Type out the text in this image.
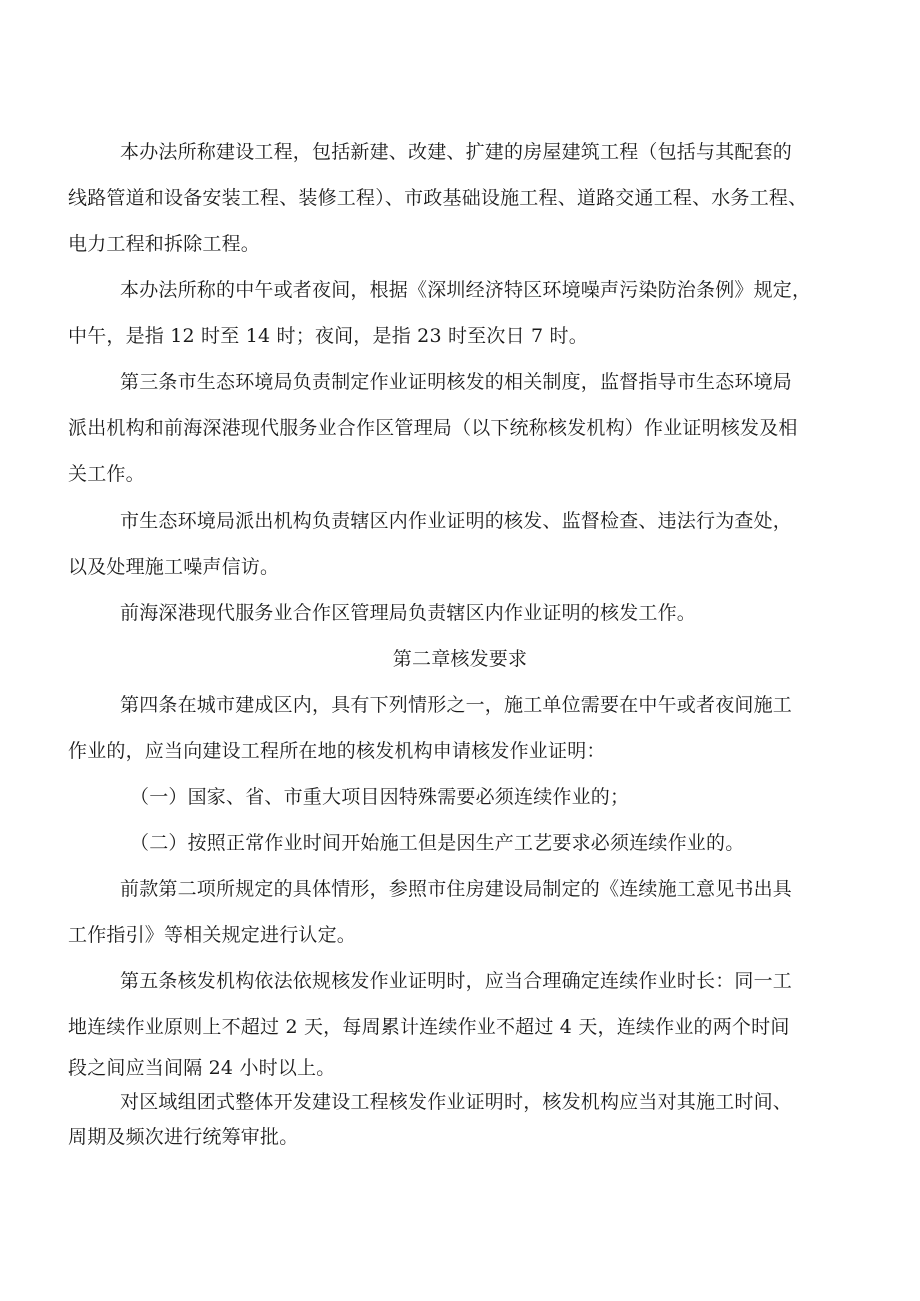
本办法所称建设工程，包括新建、改建、扩建的房屋建筑工程（包括与其配套的

线路管道和设备安装工程、装修工程）、市政基础设施工程、道路交通工程、水务工程、

电力工程和拆除工程。

本办法所称的中午或者夜间，根据《深圳经济特区环境噪声污染防治条例》规定，

中午，是指 12 时至 14 时；夜间，是指 23 时至次日 7 时。

第三条市生态环境局负责制定作业证明核发的相关制度，监督指导市生态环境局

派出机构和前海深港现代服务业合作区管理局（以下统称核发机构）作业证明核发及相

关工作。

市生态环境局派出机构负责辖区内作业证明的核发、监督检查、违法行为查处，

以及处理施工噪声信访。

前海深港现代服务业合作区管理局负责辖区内作业证明的核发工作。

第二章核发要求

第四条在城市建成区内，具有下列情形之一，施工单位需要在中午或者夜间施工

作业的，应当向建设工程所在地的核发机构申请核发作业证明：

（一）国家、省、市重大项目因特殊需要必须连续作业的；

（二）按照正常作业时间开始施工但是因生产工艺要求必须连续作业的。

前款第二项所规定的具体情形，参照市住房建设局制定的《连续施工意见书出具

工作指引》等相关规定进行认定。

第五条核发机构依法依规核发作业证明时，应当合理确定连续作业时长：同一工

地连续作业原则上不超过 2 天，每周累计连续作业不超过 4 天，连续作业的两个时间

段之间应当间隔 24 小时以上。

对区域组团式整体开发建设工程核发作业证明时，核发机构应当对其施工时间、

周期及频次进行统筹审批。
